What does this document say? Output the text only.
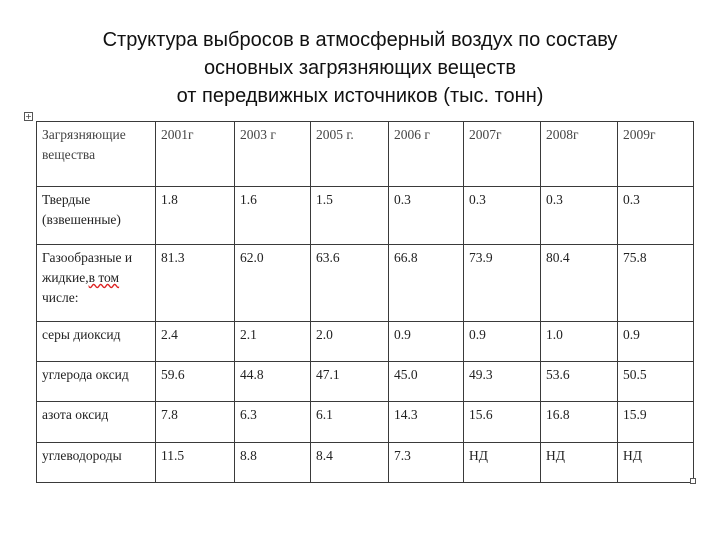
Структура выбросов в атмосферный воздух по составу
основных загрязняющих веществ
от передвижных источников (тыс. тонн)
+
Загрязняющие вещества	2001г	2003 г	2005 г.	2006 г	2007г	2008г	2009г
Твердые (взвешенные)	1.8	1.6	1.5	0.3	0.3	0.3	0.3
Газообразные и жидкие,в том числе:	81.3	62.0	63.6	66.8	73.9	80.4	75.8
серы диоксид	2.4	2.1	2.0	0.9	0.9	1.0	0.9
углерода оксид	59.6	44.8	47.1	45.0	49.3	53.6	50.5
азота оксид	7.8	6.3	6.1	14.3	15.6	16.8	15.9
углеводороды	11.5	8.8	8.4	7.3	НД	НД	НД
